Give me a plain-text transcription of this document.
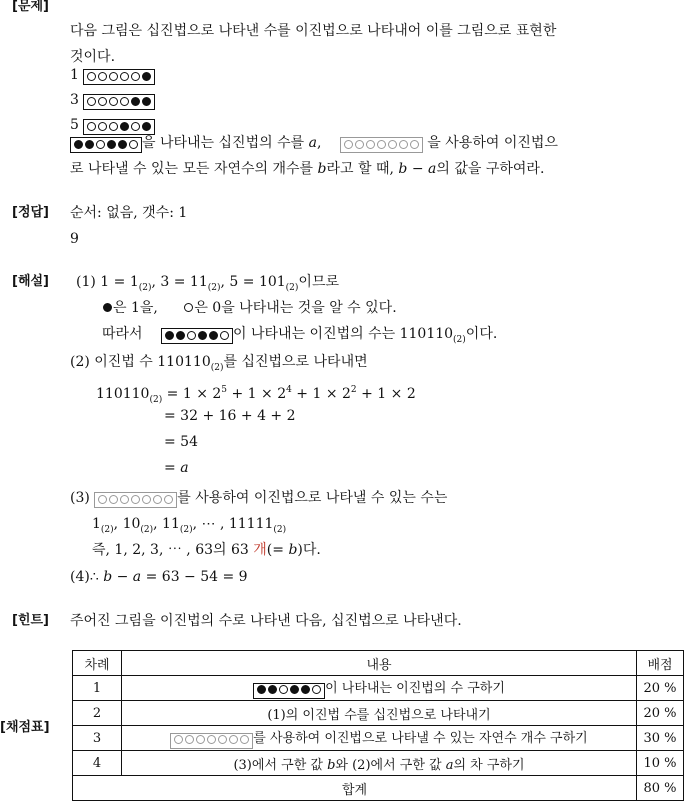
[문제]
다음 그림은 십진법으로 나타낸 수를 이진법으로 나타내어 이를 그림으로 표현한
것이다.
1
3
5
을 나타내는 십진법의 수를 a,	을 사용하여 이진법으
로 나타낼 수 있는 모든 자연수의 개수를 b라고 할 때, b − a의 값을 구하여라.
[정답] 순서: 없음, 갯수: 1
9
[해설] (1) $1 = 1_{(2)}$, $3 = 11_{(2)}$, $5 = 101_{(2)}$이므로
은 1을,	은 0을 나타내는 것을 알 수 있다.
따라서	이 나타내는 이진법의 수는 $110110_{(2)}$이다.
(2) 이진법 수 $110110_{(2)}$를 십진법으로 나타내면
$110110_{(2)} = 1 \times 2^5 + 1 \times 2^4 + 1 \times 2^2 + 1 \times 2$
= 32 + 16 + 4 + 2
= 54
= a
(3)	를 사용하여 이진법으로 나타낼 수 있는 수는
$1_{(2)}$, $10_{(2)}$, $11_{(2)}$, ⋯ , $11111_{(2)}$
즉, 1, 2, 3, ⋯ , 63의 63 개(= b)다.
(4)∴ b − a = 63 − 54 = 9
[힌트] 주어진 그림을 이진법의 수로 나타낸 다음, 십진법으로 나타낸다.
[채점표]
차례	내용	배점
1	이 나타내는 이진법의 수 구하기	20 %
2	(1)의 이진법 수를 십진법으로 나타내기	20 %
3	를 사용하여 이진법으로 나타낼 수 있는 자연수 개수 구하기	30 %
4	(3)에서 구한 값 b와 (2)에서 구한 값 a의 차 구하기	10 %
합계		80 %
